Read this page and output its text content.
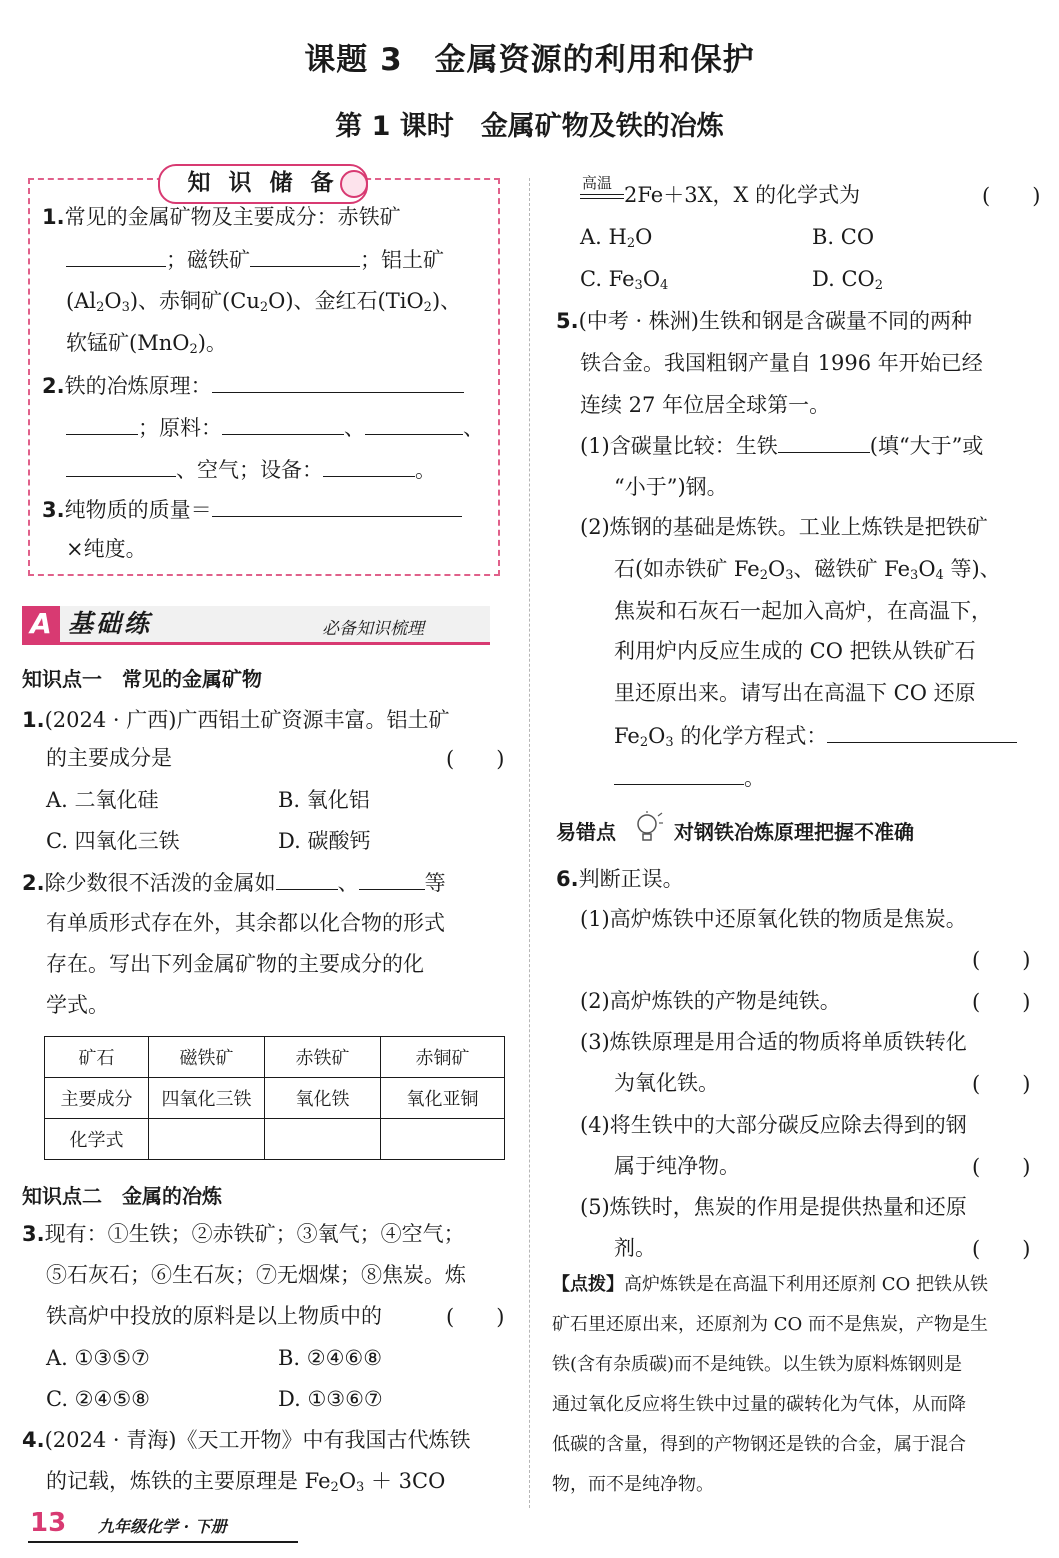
课题 3　金属资源的利用和保护
第 1 课时　金属矿物及铁的冶炼
知 识 储 备
1.常见的金属矿物及主要成分：赤铁矿
；磁铁矿	；铝土矿
$(Al_2O_3)$、赤铜矿$(Cu_2O)$、金红石(TiO$_2$)、
软锰矿(MnO$_2$)。
2.铁的冶炼原理：
；原料：	、	、
、空气；设备：	。
3.纯物质的质量＝
×纯度。
A 基础练	必备知识梳理
知识点一　常见的金属矿物
1.(2024 · 广西)广西铝土矿资源丰富。铝土矿
的主要成分是	(　　)
A. 二氧化硅	B. 氧化铝
C. 四氧化三铁	D. 碳酸钙
2.除少数很不活泼的金属如	、	等
有单质形式存在外，其余都以化合物的形式
存在。写出下列金属矿物的主要成分的化
学式。
矿石	磁铁矿	赤铁矿	赤铜矿
主要成分	四氧化三铁	氧化铁	氧化亚铜
化学式			
知识点二　金属的冶炼
3.现有：①生铁；②赤铁矿；③氧气；④空气；
⑤石灰石；⑥生石灰；⑦无烟煤；⑧焦炭。炼
铁高炉中投放的原料是以上物质中的	(　　)
A. ①③⑤⑦	B. ②④⑥⑧
C. ②④⑤⑧	D. ①③⑥⑦
4.(2024 · 青海)《天工开物》中有我国古代炼铁
的记载，炼铁的主要原理是 $Fe_2O_3 + 3CO$
高温 2Fe＋3X，X 的化学式为	(　　)
A. $H_2O$	B. CO
C. $Fe_3O_4$	D. $CO_2$
5.(中考 · 株洲)生铁和钢是含碳量不同的两种
铁合金。我国粗钢产量自 1996 年开始已经
连续 27 年位居全球第一。
(1)含碳量比较：生铁	(填“大于”或
“小于”)钢。
(2)炼钢的基础是炼铁。工业上炼铁是把铁矿
石(如赤铁矿 $Fe_2O_3$、磁铁矿 $Fe_3O_4$ 等)、
焦炭和石灰石一起加入高炉，在高温下，
利用炉内反应生成的 CO 把铁从铁矿石
里还原出来。请写出在高温下 CO 还原
$Fe_2O_3$ 的化学方程式：
。
易错点	对钢铁冶炼原理把握不准确
6.判断正误。
(1)高炉炼铁中还原氧化铁的物质是焦炭。
(　　)
(2)高炉炼铁的产物是纯铁。	(　　)
(3)炼铁原理是用合适的物质将单质铁转化
为氧化铁。	(　　)
(4)将生铁中的大部分碳反应除去得到的钢
属于纯净物。	(　　)
(5)炼铁时，焦炭的作用是提供热量和还原
剂。	(　　)
【点拨】高炉炼铁是在高温下利用还原剂 CO 把铁从铁
矿石里还原出来，还原剂为 CO 而不是焦炭，产物是生
铁(含有杂质碳)而不是纯铁。以生铁为原料炼钢则是
通过氧化反应将生铁中过量的碳转化为气体，从而降
低碳的含量，得到的产物钢还是铁的合金，属于混合
物，而不是纯净物。
13 九年级化学 · 下册
